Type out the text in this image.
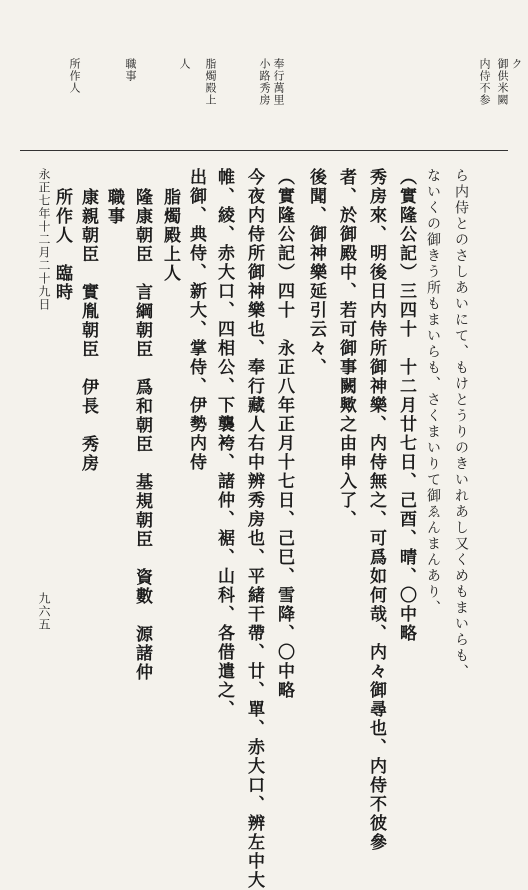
内侍不参 御供米闕 ク
奉行萬里
小路秀房
脂燭殿上
人
職事
所作人
ら内侍とのさしあいにて、もけとうりのきいれあし又くめもまいらも、
ないくの御きう所もまいらも、さくまいりて御ゑんまんあり、
（實隆公記）三四十　十二月廿七日、己酉、晴、〇中略
秀房來、明後日内侍所御神樂、内侍無之、可爲如何哉、内々御尋也、内侍不彼參
者、於御殿中、若可御事闕歟之由申入了、
後聞、御神樂延引云々、
（實隆公記）四十　永正八年正月十七日、己巳、雪降、〇中略
今夜内侍所御神樂也、奉行藏人右中辨秀房也、平緒干帶、廿、單、赤大口、辨左中大
帷、綾、赤大口、四相公、下襲袴、諸仲、裾、山科、各借遣之、
出御、典侍、新大、掌侍、伊勢内侍
脂燭殿上人
隆康朝臣　言綱朝臣　爲和朝臣　基規朝臣　資數　源諸仲
職事
康親朝臣　實胤朝臣　伊長　秀房
所作人　臨時
永正七年十二月二十九日
九六五
